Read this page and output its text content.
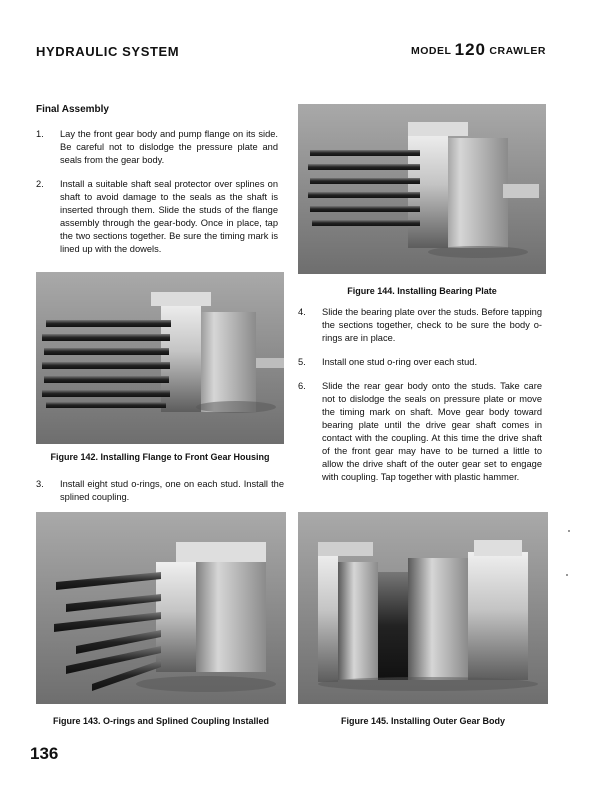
HYDRAULIC SYSTEM	MODEL 120 CRAWLER
Final Assembly
1.	Lay the front gear body and pump flange on its side. Be careful not to dislodge the pressure plate and seals from the gear body.
2.	Install a suitable shaft seal protector over splines on shaft to avoid damage to the seals as the shaft is inserted through them. Slide the studs of the flange assembly through the gear-body. Once in place, tap the two sections together. Be sure the timing mark is lined up with the dowels.
Figure 142. Installing Flange to Front Gear Housing
3.	Install eight stud o-rings, one on each stud. Install the splined coupling.
Figure 144. Installing Bearing Plate
4.	Slide the bearing plate over the studs. Before tapping the sections together, check to be sure the body o-rings are in place.
5.	Install one stud o-ring over each stud.
6.	Slide the rear gear body onto the studs. Take care not to dislodge the seals on pressure plate or move the timing mark on shaft. Move gear body toward bearing plate until the drive gear shaft comes in contact with the coupling. At this time the drive shaft of the front gear may have to be turned a little to allow the drive shaft of the outer gear set to engage with coupling. Tap together with plastic hammer.
Figure 143. O-rings and Splined Coupling Installed	Figure 145. Installing Outer Gear Body
136
